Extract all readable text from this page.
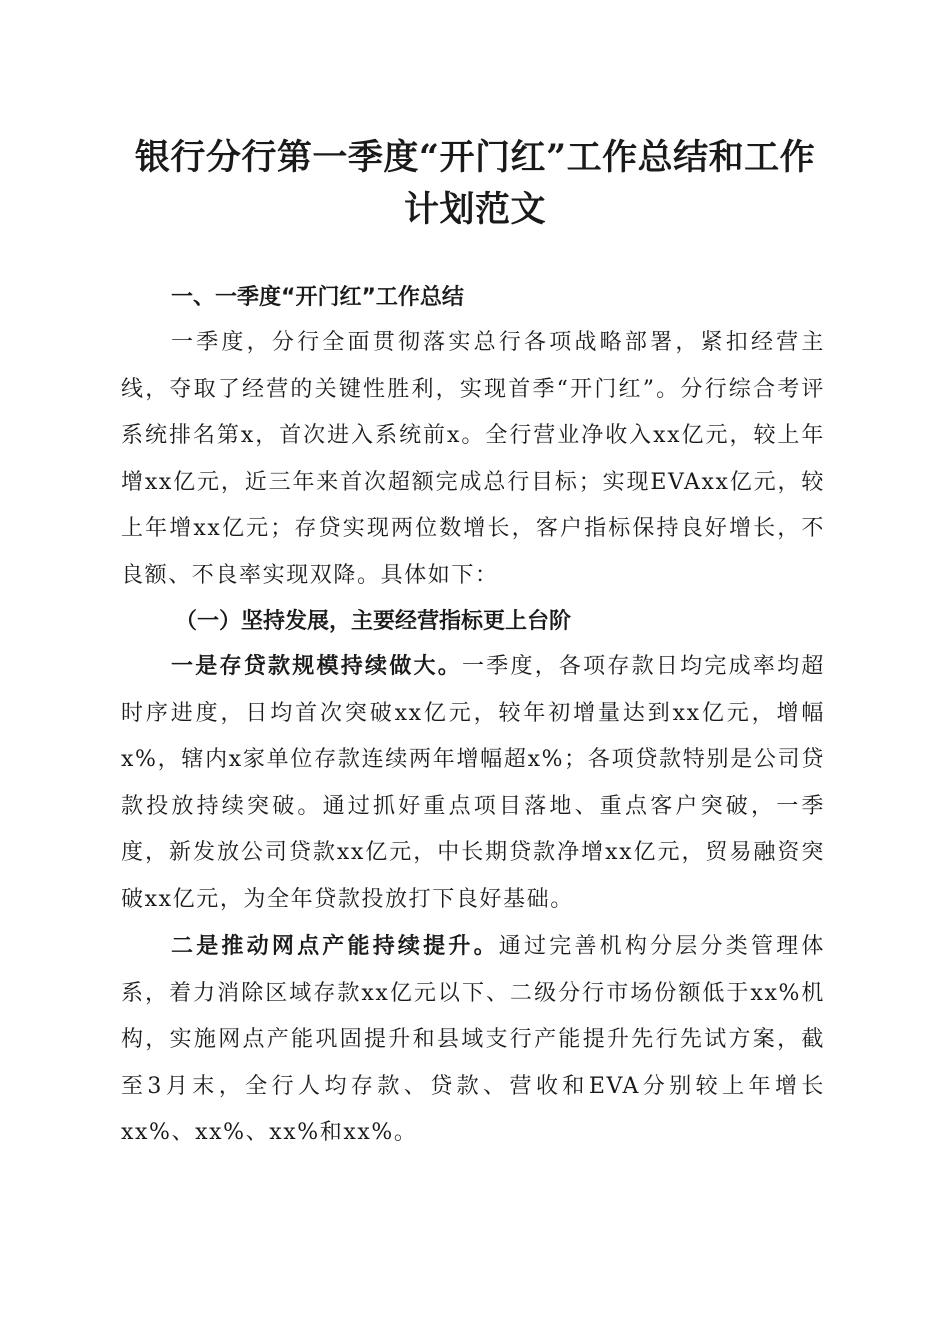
银行分行第一季度“开门红”工作总结和工作
计划范文

一、一季度“开门红”工作总结

一季度，分行全面贯彻落实总行各项战略部署，紧扣经营主线，夺取了经营的关键性胜利，实现首季“开门红”。分行综合考评系统排名第x，首次进入系统前x。全行营业净收入xx亿元，较上年增xx亿元，近三年来首次超额完成总行目标；实现EVAxx亿元，较上年增xx亿元；存贷实现两位数增长，客户指标保持良好增长，不良额、不良率实现双降。具体如下：

（一）坚持发展，主要经营指标更上台阶

一是存贷款规模持续做大。一季度，各项存款日均完成率均超时序进度，日均首次突破xx亿元，较年初增量达到xx亿元，增幅x%，辖内x家单位存款连续两年增幅超x%；各项贷款特别是公司贷款投放持续突破。通过抓好重点项目落地、重点客户突破，一季度，新发放公司贷款xx亿元，中长期贷款净增xx亿元，贸易融资突破xx亿元，为全年贷款投放打下良好基础。

二是推动网点产能持续提升。通过完善机构分层分类管理体系，着力消除区域存款xx亿元以下、二级分行市场份额低于xx%机构，实施网点产能巩固提升和县域支行产能提升先行先试方案，截至3月末，全行人均存款、贷款、营收和EVA分别较上年增长xx%、xx%、xx%和xx%。
